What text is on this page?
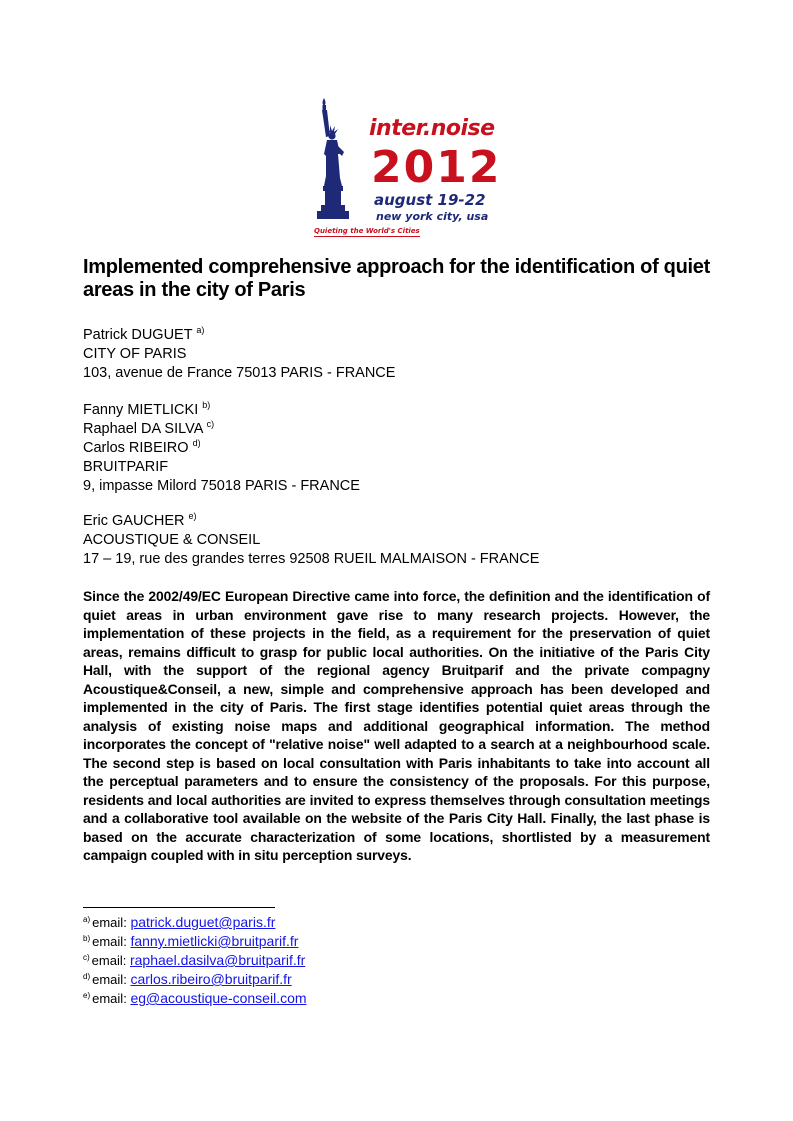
inter.noise
2012
august 19-22
new york city, usa
Quieting the World's Cities
Implemented comprehensive approach for the identification of quiet areas in the city of Paris
Patrick DUGUET $^{a)}$
CITY OF PARIS
103, avenue de France 75013 PARIS - FRANCE
Fanny MIETLICKI $^{b)}$
Raphael DA SILVA $^{c)}$
Carlos RIBEIRO $^{d)}$
BRUITPARIF
9, impasse Milord 75018 PARIS - FRANCE
Eric GAUCHER $^{e)}$
ACOUSTIQUE & CONSEIL
17 – 19, rue des grandes terres 92508 RUEIL MALMAISON - FRANCE

Since the 2002/49/EC European Directive came into force, the definition and the identification of quiet areas in urban environment gave rise to many research projects. However, the implementation of these projects in the field, as a requirement for the preservation of quiet areas, remains difficult to grasp for public local authorities. On the initiative of the Paris City Hall, with the support of the regional agency Bruitparif and the private compagny Acoustique&Conseil, a new, simple and comprehensive approach has been developed and implemented in the city of Paris. The first stage identifies potential quiet areas through the analysis of existing noise maps and additional geographical information. The method incorporates the concept of "relative noise" well adapted to a search at a neighbourhood scale. The second step is based on local consultation with Paris inhabitants to take into account all the perceptual parameters and to ensure the consistency of the proposals. For this purpose, residents and local authorities are invited to express themselves through consultation meetings and a collaborative tool available on the website of the Paris City Hall. Finally, the last phase is based on the accurate characterization of some locations, shortlisted by a measurement campaign coupled with in situ perception surveys.

$^{a)}$ email: patrick.duguet@paris.fr
$^{b)}$ email: fanny.mietlicki@bruitparif.fr
$^{c)}$ email: raphael.dasilva@bruitparif.fr
$^{d)}$ email: carlos.ribeiro@bruitparif.fr
$^{e)}$ email: eg@acoustique-conseil.com
